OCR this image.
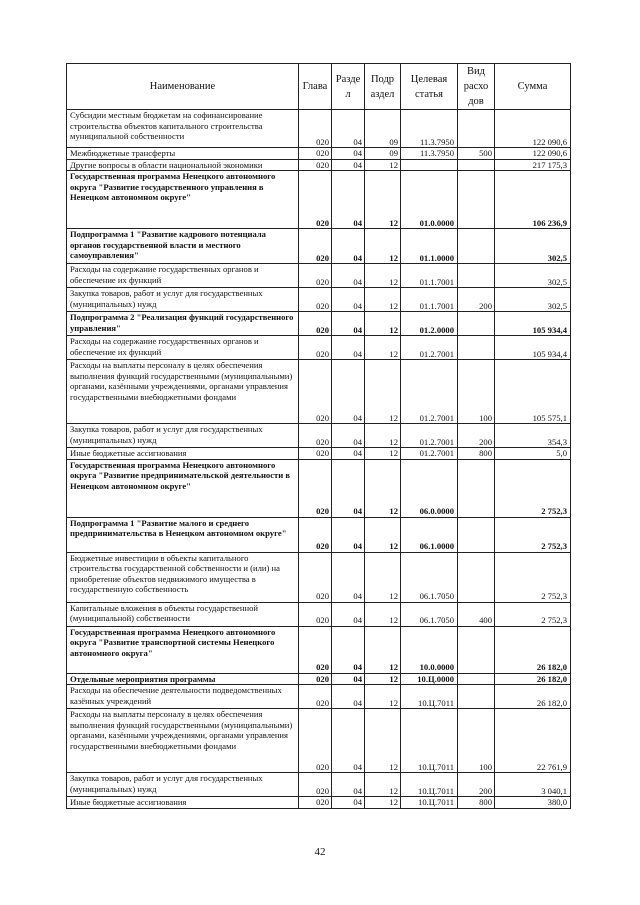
Наименование	Глава	Разде л	Подр аздел	Целевая статья	Вид расхо дов	Сумма
Субсидии местным бюджетам на софинансирование строительства объектов капитального строительства муниципальной собственности	020	04	09	11.3.7950		122 090,6
Межбюджетные трансферты	020	04	09	11.3.7950	500	122 090,6
Другие вопросы в области национальной экономики	020	04	12			217 175,3
Государственная программа Ненецкого автономного округа "Развитие государственного управления в Ненецком автономном округе"	020	04	12	01.0.0000		106 236,9
Подпрограмма 1 "Развитие кадрового потенциала органов государственной власти и местного самоуправления"	020	04	12	01.1.0000		302,5
Расходы на содержание государственных органов и обеспечение их функций	020	04	12	01.1.7001		302,5
Закупка товаров, работ и услуг для государственных (муниципальных) нужд	020	04	12	01.1.7001	200	302,5
Подпрограмма 2 "Реализация функций государственного управления"	020	04	12	01.2.0000		105 934,4
Расходы на содержание государственных органов и обеспечение их функций	020	04	12	01.2.7001		105 934,4
Расходы на выплаты персоналу в целях обеспечения выполнения функций государственными (муниципальными) органами, казёнными учреждениями, органами управления государственными внебюджетными фондами	020	04	12	01.2.7001	100	105 575,1
Закупка товаров, работ и услуг для государственных (муниципальных) нужд	020	04	12	01.2.7001	200	354,3
Иные бюджетные ассигнования	020	04	12	01.2.7001	800	5,0
Государственная программа Ненецкого автономного округа "Развитие предпринимательской деятельности в Ненецком автономном округе"	020	04	12	06.0.0000		2 752,3
Подпрограмма 1 "Развитие малого и среднего предпринимательства в Ненецком автономном округе"	020	04	12	06.1.0000		2 752,3
Бюджетные инвестиции в объекты капитального строительства государственной собственности и (или) на приобретение объектов недвижимого имущества в государственную собственность	020	04	12	06.1.7050		2 752,3
Капитальные вложения в объекты государственной (муниципальной) собственности	020	04	12	06.1.7050	400	2 752,3
Государственная программа Ненецкого автономного округа "Развитие транспортной системы Ненецкого автономного округа"	020	04	12	10.0.0000		26 182,0
Отдельные мероприятия программы	020	04	12	10.Ц.0000		26 182,0
Расходы на обеспечение деятельности подведомственных казённых учреждений	020	04	12	10.Ц.7011		26 182,0
Расходы на выплаты персоналу в целях обеспечения выполнения функций государственными (муниципальными) органами, казёнными учреждениями, органами управления государственными внебюджетными фондами	020	04	12	10.Ц.7011	100	22 761,9
Закупка товаров, работ и услуг для государственных (муниципальных) нужд	020	04	12	10.Ц.7011	200	3 040,1
Иные бюджетные ассигнования	020	04	12	10.Ц.7011	800	380,0
42
